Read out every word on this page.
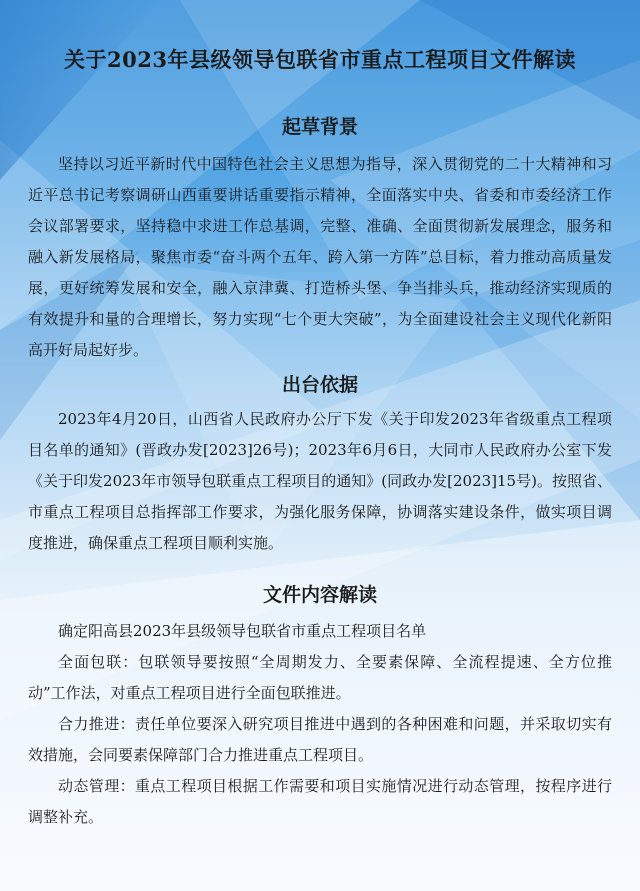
关于2023年县级领导包联省市重点工程项目文件解读
起草背景

坚持以习近平新时代中国特色社会主义思想为指导，深入贯彻党的二十大精神和习近平总书记考察调研山西重要讲话重要指示精神，全面落实中央、省委和市委经济工作会议部署要求，坚持稳中求进工作总基调，完整、准确、全面贯彻新发展理念，服务和融入新发展格局，聚焦市委“奋斗两个五年、跨入第一方阵”总目标，着力推动高质量发展，更好统筹发展和安全，融入京津冀、打造桥头堡、争当排头兵，推动经济实现质的有效提升和量的合理增长，努力实现“七个更大突破”，为全面建设社会主义现代化新阳高开好局起好步。

出台依据

2023年4月20日，山西省人民政府办公厅下发《关于印发2023年省级重点工程项目名单的通知》(晋政办发[2023]26号)；2023年6月6日，大同市人民政府办公室下发《关于印发2023年市领导包联重点工程项目的通知》(同政办发[2023]15号)。按照省、市重点工程项目总指挥部工作要求，为强化服务保障，协调落实建设条件，做实项目调度推进，确保重点工程项目顺利实施。

文件内容解读

确定阳高县2023年县级领导包联省市重点工程项目名单

全面包联：包联领导要按照“全周期发力、全要素保障、全流程提速、全方位推动”工作法，对重点工程项目进行全面包联推进。

合力推进：责任单位要深入研究项目推进中遇到的各种困难和问题，并采取切实有效措施，会同要素保障部门合力推进重点工程项目。

动态管理：重点工程项目根据工作需要和项目实施情况进行动态管理，按程序进行调整补充。
